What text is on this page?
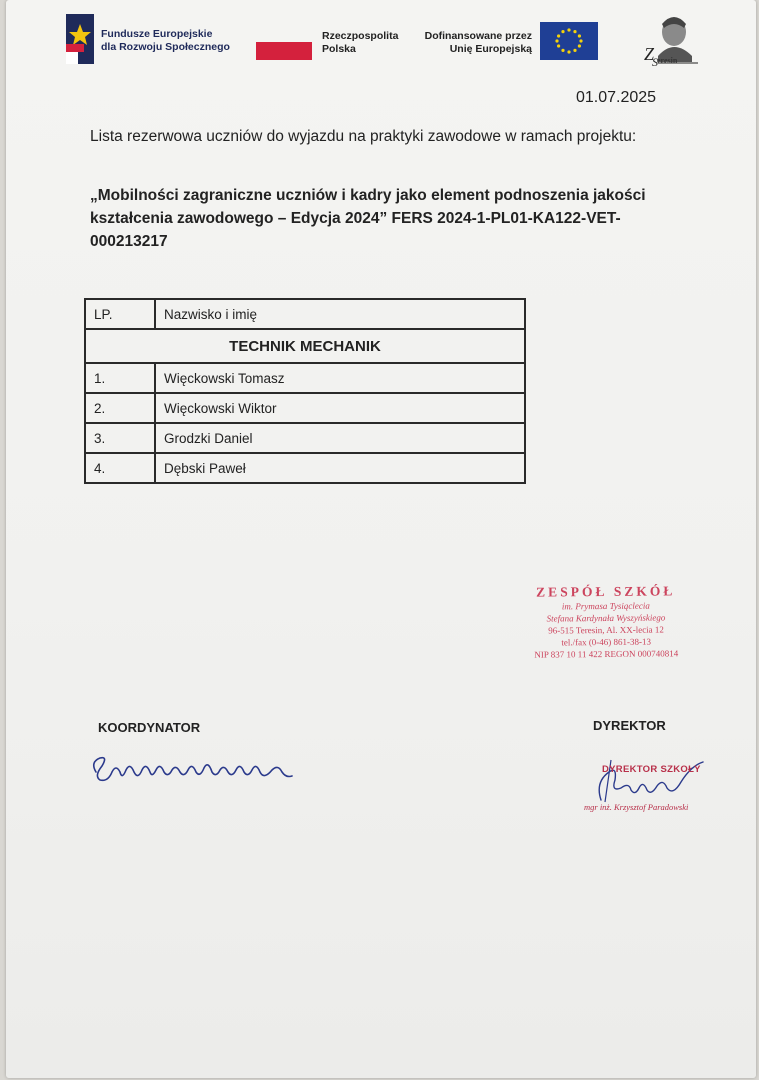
Fundusze Europejskie
dla Rozwoju Społecznego
Rzeczpospolita
Polska
Dofinansowane przez
Unię Europejską	Z
S eresin
01.07.2025
Lista rezerwowa uczniów do wyjazdu na praktyki zawodowe w ramach projektu:
„Mobilności zagraniczne uczniów i kadry jako element podnoszenia jakości kształcenia zawodowego – Edycja 2024” FERS 2024-1-PL01-KA122-VET-000213217
LP.	Nazwisko i imię
TECHNIK MECHANIK	
1.	Więckowski Tomasz
2.	Więckowski Wiktor
3.	Grodzki Daniel
4.	Dębski Paweł
ZESPÓŁ SZKÓŁ
im. Prymasa Tysiąclecia
Stefana Kardynała Wyszyńskiego
96-515 Teresin, Al. XX-lecia 12
tel./fax (0-46) 861-38-13
NIP 837 10 11 422 REGON 000740814
KOORDYNATOR	DYREKTOR
DYREKTOR SZKOŁY
mgr inż. Krzysztof Paradowski
